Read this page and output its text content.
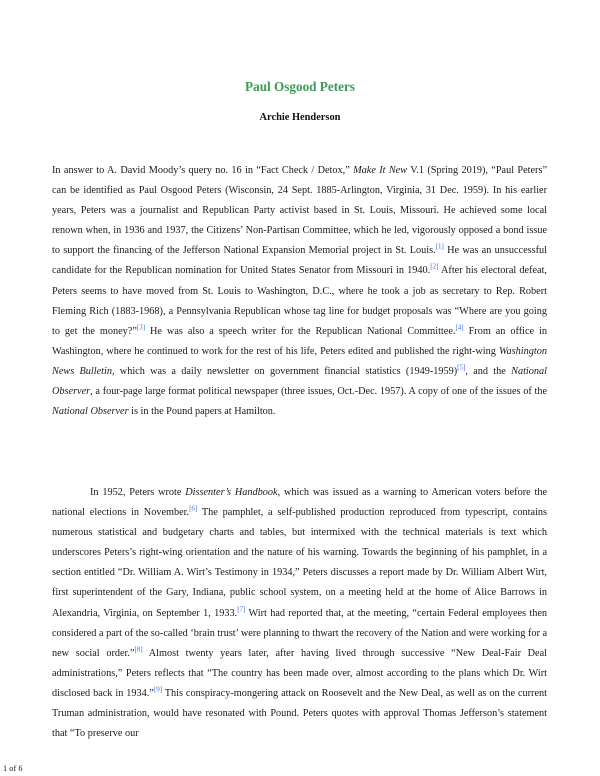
Paul Osgood Peters
Archie Henderson

In answer to A. David Moody’s query no. 16 in “Fact Check / Detox,” Make It New V.1 (Spring 2019), “Paul Peters” can be identified as Paul Osgood Peters (Wisconsin, 24 Sept. 1885-Arlington, Virginia, 31 Dec. 1959). In his earlier years, Peters was a journalist and Republican Party activist based in St. Louis, Missouri. He achieved some local renown when, in 1936 and 1937, the Citizens’ Non-Partisan Committee, which he led, vigorously opposed a bond issue to support the financing of the Jefferson National Expansion Memorial project in St. Louis.[1] He was an unsuccessful candidate for the Republican nomination for United States Senator from Missouri in 1940.[2] After his electoral defeat, Peters seems to have moved from St. Louis to Washington, D.C., where he took a job as secretary to Rep. Robert Fleming Rich (1883-1968), a Pennsylvania Republican whose tag line for budget proposals was “Where are you going to get the money?”[3] He was also a speech writer for the Republican National Committee.[4] From an office in Washington, where he continued to work for the rest of his life, Peters edited and published the right-wing Washington News Bulletin, which was a daily newsletter on government financial statistics (1949-1959)[5], and the National Observer, a four-page large format political newspaper (three issues, Oct.-Dec. 1957). A copy of one of the issues of the National Observer is in the Pound papers at Hamilton.

In 1952, Peters wrote Dissenter’s Handbook, which was issued as a warning to American voters before the national elections in November.[6] The pamphlet, a self-published production reproduced from typescript, contains numerous statistical and budgetary charts and tables, but intermixed with the technical materials is text which underscores Peters’s right-wing orientation and the nature of his warning. Towards the beginning of his pamphlet, in a section entitled “Dr. William A. Wirt’s Testimony in 1934,” Peters discusses a report made by Dr. William Albert Wirt, first superintendent of the Gary, Indiana, public school system, on a meeting held at the home of Alice Barrows in Alexandria, Virginia, on September 1, 1933.[7] Wirt had reported that, at the meeting, “certain Federal employees then considered a part of the so-called ‘brain trust’ were planning to thwart the recovery of the Nation and were working for a new social order.”[8] Almost twenty years later, after having lived through successive “New Deal-Fair Deal administrations,” Peters reflects that “The country has been made over, almost according to the plans which Dr. Wirt disclosed back in 1934.”[9] This conspiracy-mongering attack on Roosevelt and the New Deal, as well as on the current Truman administration, would have resonated with Pound. Peters quotes with approval Thomas Jefferson’s statement that “To preserve our

1 of 6
